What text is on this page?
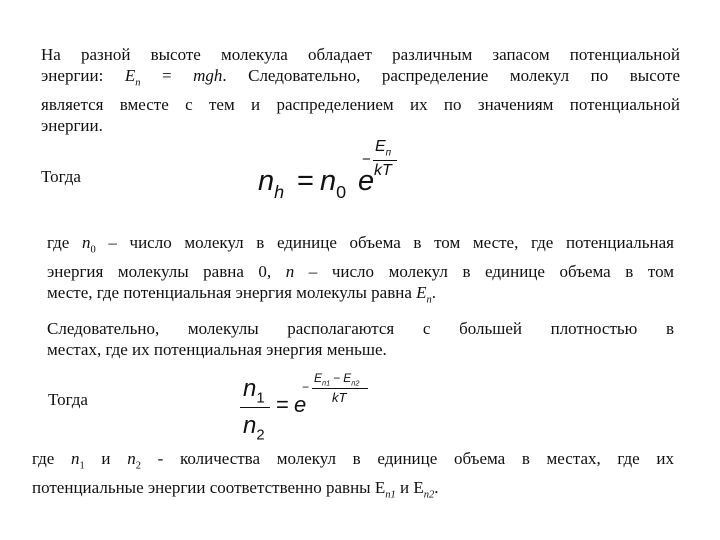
На разной высоте молекула обладает различным запасом потенциальной
энергии: $E_п$ = mgh. Следовательно, распределение молекул по высоте
является вместе с тем и распределением их по значениям потенциальной
энергии.
Тогда	$n_h = n_0$ e
−
$E_п$
kT
где $n_0$ – число молекул в единице объема в том месте, где потенциальная
энергия молекулы равна 0, n – число молекул в единице объема в том
месте, где потенциальная энергия молекулы равна $E_п$.
Следовательно, молекулы располагаются с большей плотностью в
местах, где их потенциальная энергия меньше.
Тогда	$n_1$
$n_2$
= e
−
$E_{п1} - E_{п2}$
kT
где $n_1$ и $n_2$ - количества молекул в единице объема в местах, где их
потенциальные энергии соответственно равны $Е_{п1}$ и $Е_{п2}$.
